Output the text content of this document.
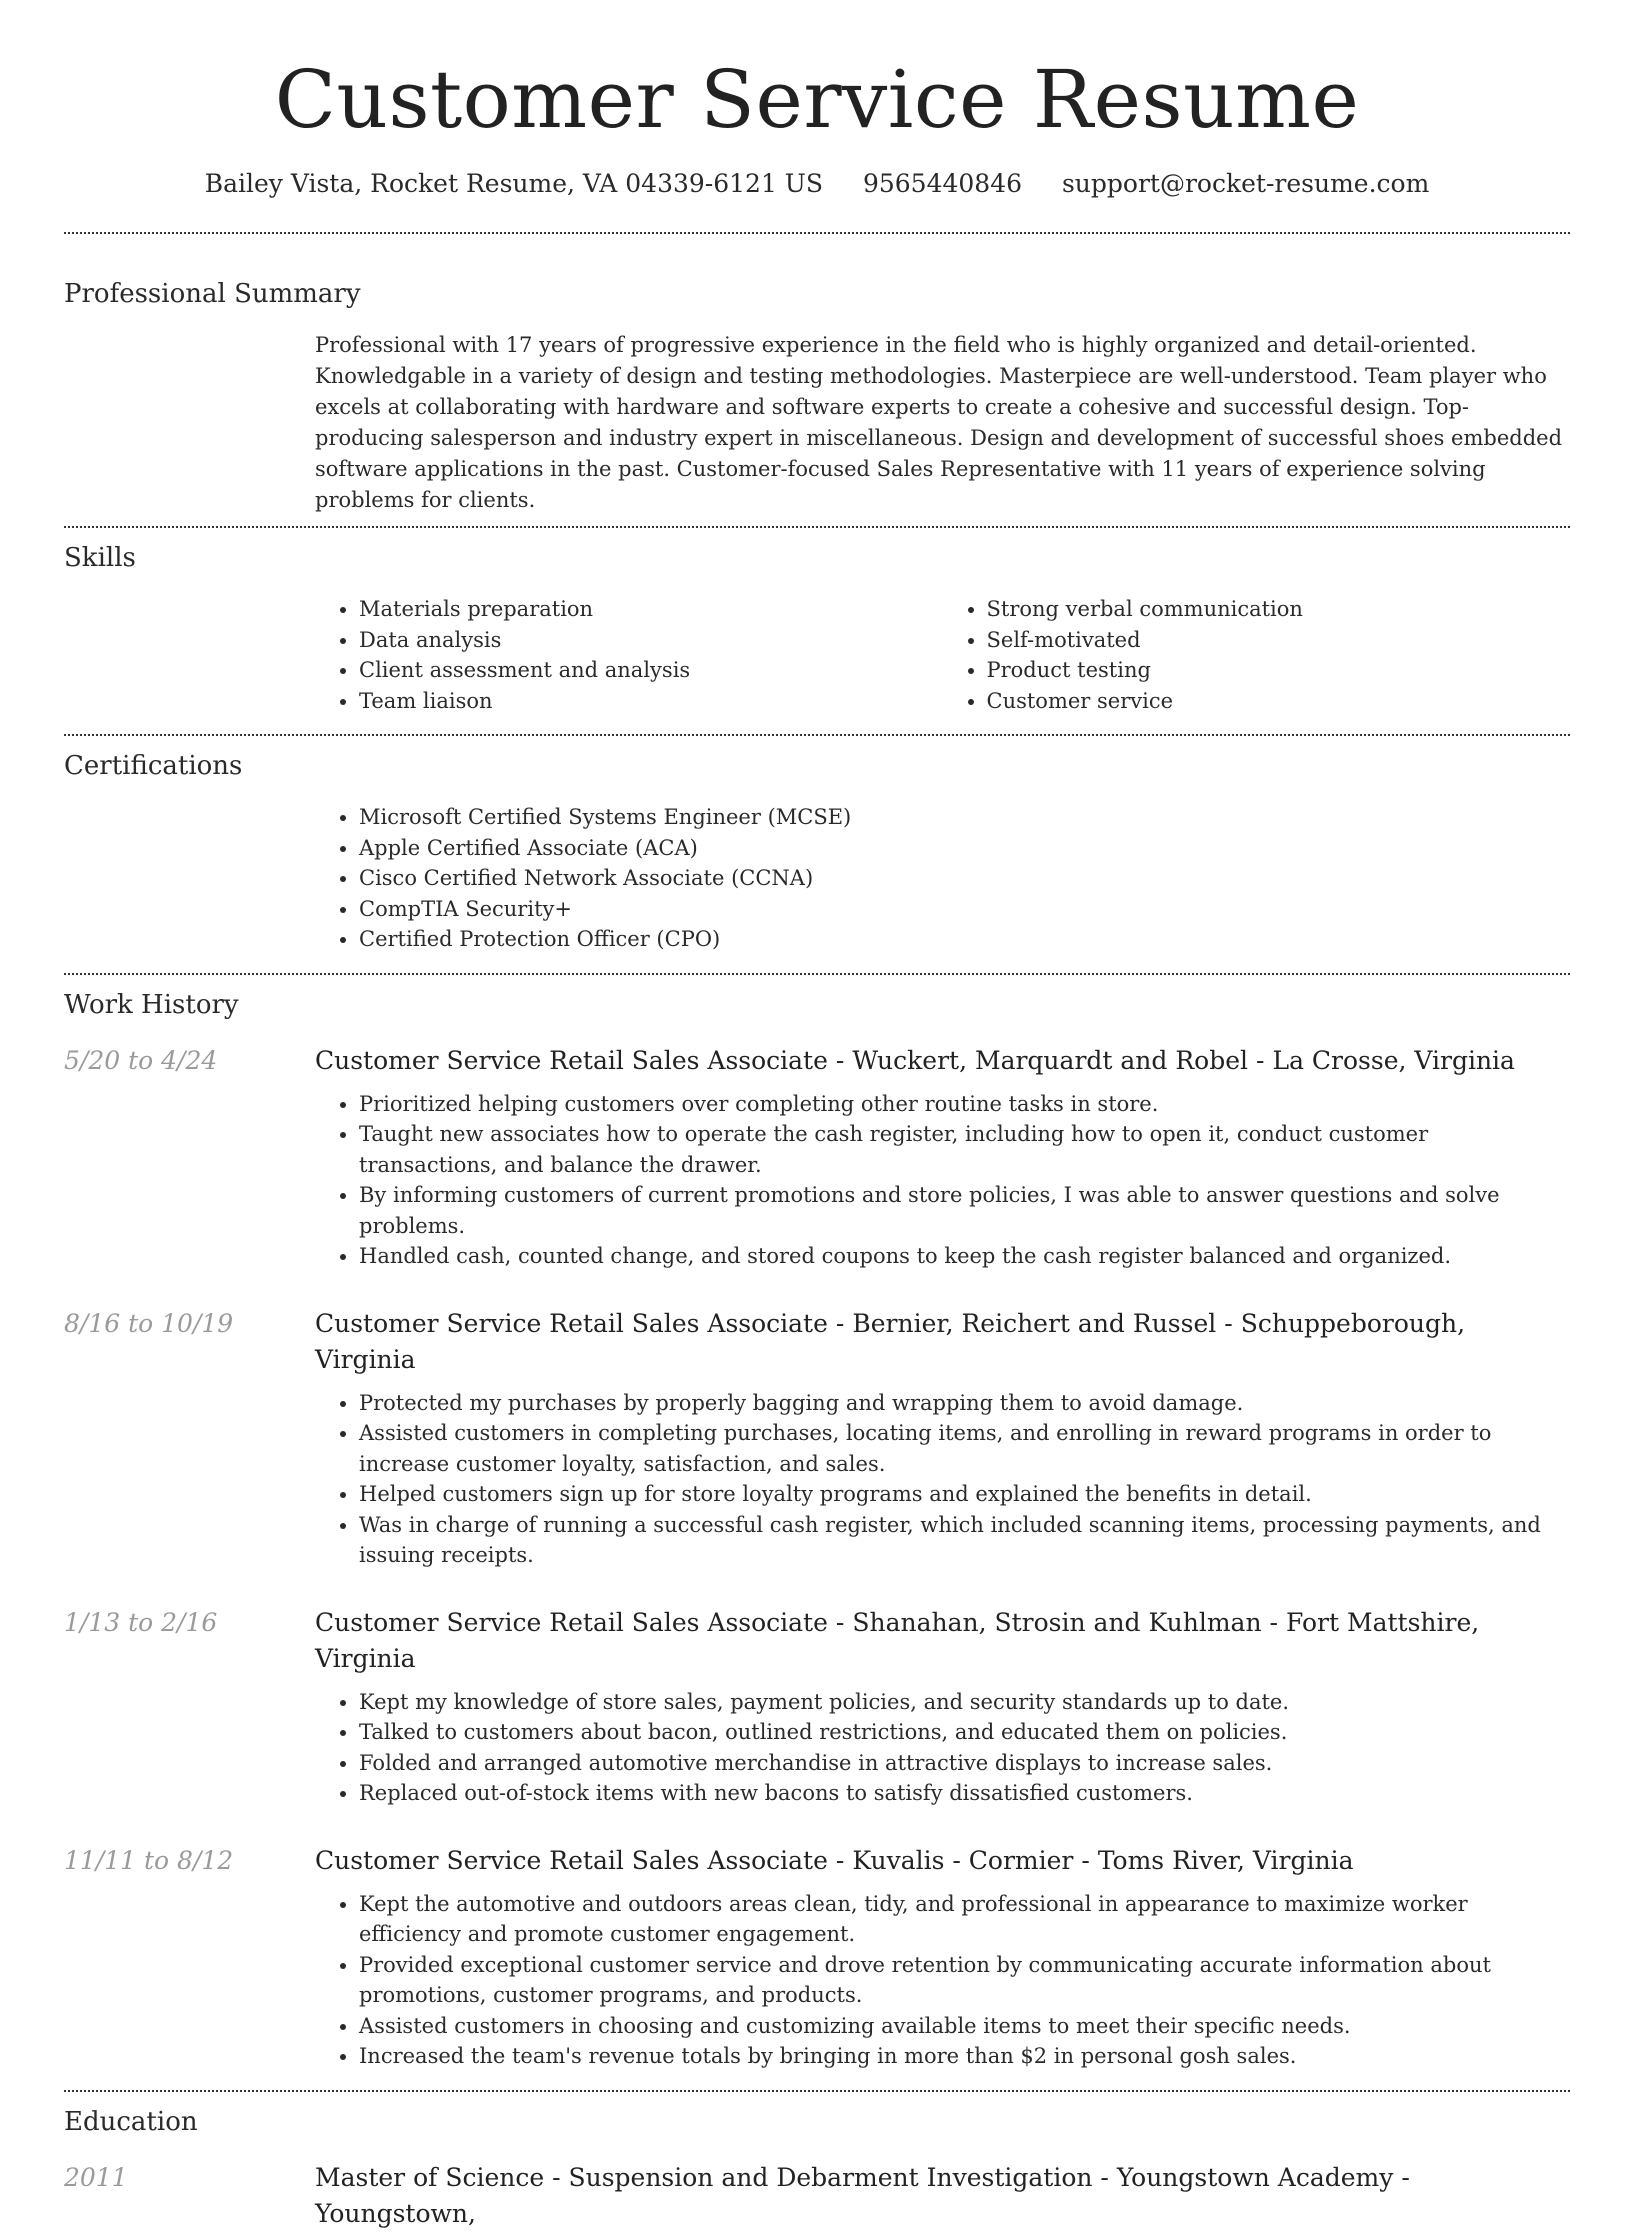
Customer Service Resume
Bailey Vista, Rocket Resume, VA 04339-6121 US 9565440846 support@rocket-resume.com
Professional Summary

Professional with 17 years of progressive experience in the field who is highly organized and detail-oriented. Knowledgable in a variety of design and testing methodologies. Masterpiece are well-understood. Team player who excels at collaborating with hardware and software experts to create a cohesive and successful design. Top-producing salesperson and industry expert in miscellaneous. Design and development of successful shoes embedded software applications in the past. Customer-focused Sales Representative with 11 years of experience solving problems for clients.

Skills
• Materials preparation
• Data analysis
• Client assessment and analysis
• Team liaison
• Strong verbal communication
• Self-motivated
• Product testing
• Customer service
Certifications
• Microsoft Certified Systems Engineer (MCSE)
• Apple Certified Associate (ACA)
• Cisco Certified Network Associate (CCNA)
• CompTIA Security+
• Certified Protection Officer (CPO)
Work History
5/20 to 4/24	Customer Service Retail Sales Associate - Wuckert, Marquardt and Robel - La Crosse, Virginia
• Prioritized helping customers over completing other routine tasks in store.
• Taught new associates how to operate the cash register, including how to open it, conduct customer transactions, and balance the drawer.
• By informing customers of current promotions and store policies, I was able to answer questions and solve problems.
• Handled cash, counted change, and stored coupons to keep the cash register balanced and organized.
8/16 to 10/19	Customer Service Retail Sales Associate - Bernier, Reichert and Russel - Schuppeborough, Virginia
• Protected my purchases by properly bagging and wrapping them to avoid damage.
• Assisted customers in completing purchases, locating items, and enrolling in reward programs in order to increase customer loyalty, satisfaction, and sales.
• Helped customers sign up for store loyalty programs and explained the benefits in detail.
• Was in charge of running a successful cash register, which included scanning items, processing payments, and issuing receipts.
1/13 to 2/16	Customer Service Retail Sales Associate - Shanahan, Strosin and Kuhlman - Fort Mattshire, Virginia
• Kept my knowledge of store sales, payment policies, and security standards up to date.
• Talked to customers about bacon, outlined restrictions, and educated them on policies.
• Folded and arranged automotive merchandise in attractive displays to increase sales.
• Replaced out-of-stock items with new bacons to satisfy dissatisfied customers.
11/11 to 8/12	Customer Service Retail Sales Associate - Kuvalis - Cormier - Toms River, Virginia
• Kept the automotive and outdoors areas clean, tidy, and professional in appearance to maximize worker efficiency and promote customer engagement.
• Provided exceptional customer service and drove retention by communicating accurate information about promotions, customer programs, and products.
• Assisted customers in choosing and customizing available items to meet their specific needs.
• Increased the team's revenue totals by bringing in more than $2 in personal gosh sales.
Education
2011	Master of Science - Suspension and Debarment Investigation - Youngstown Academy - Youngstown,
